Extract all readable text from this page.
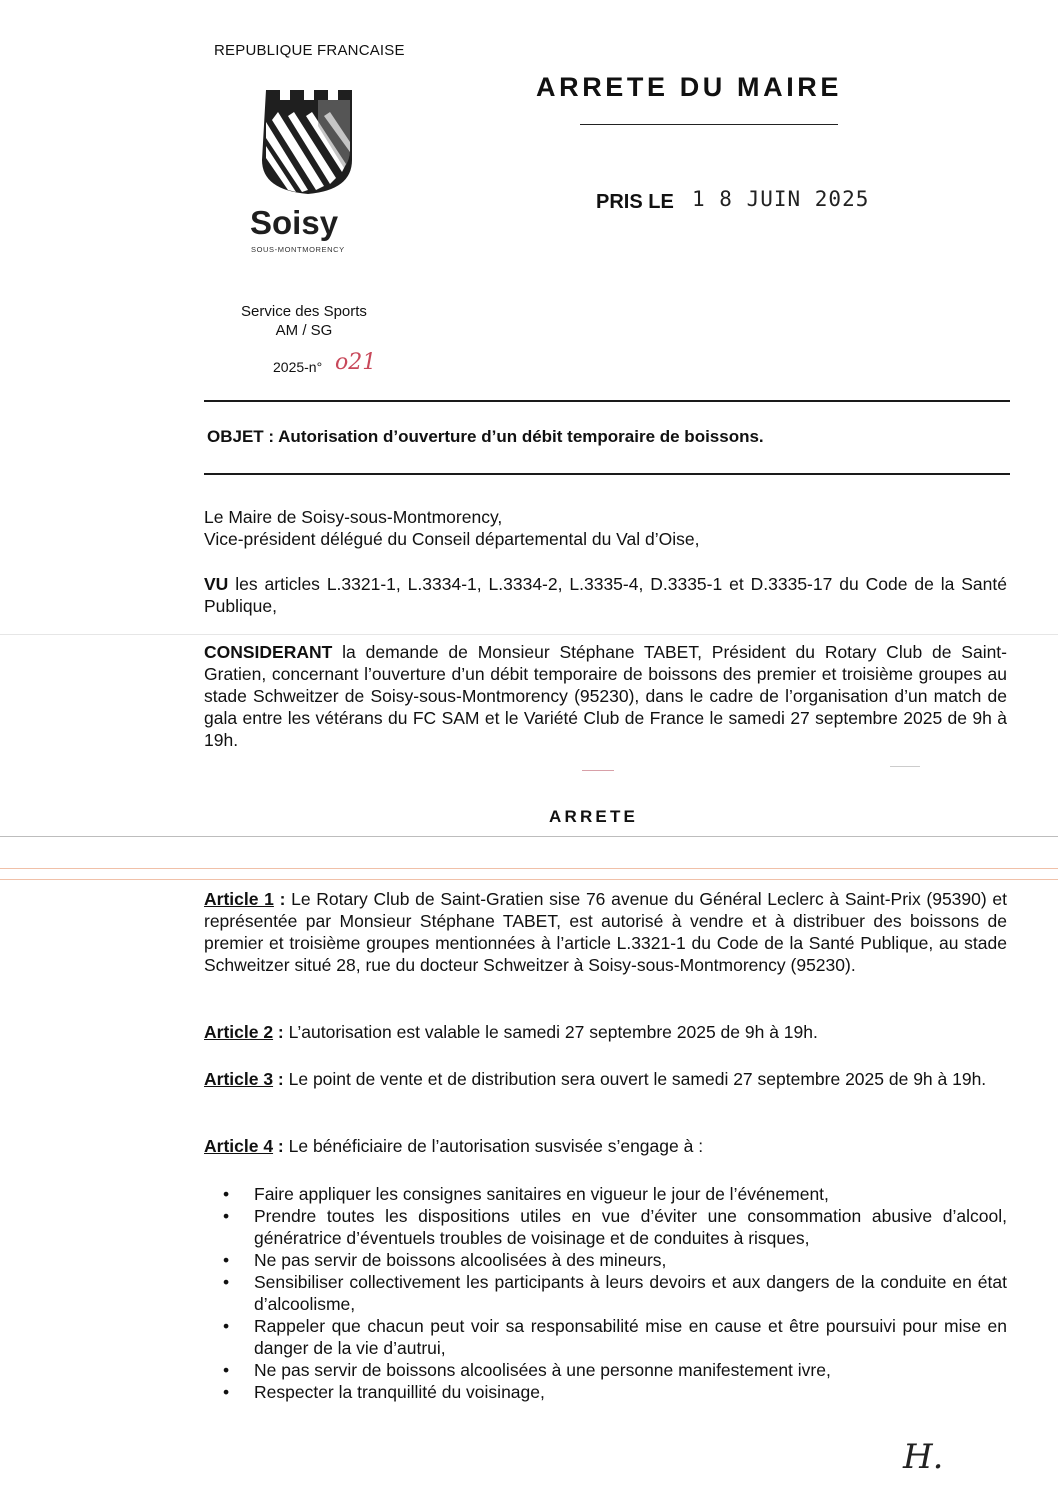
REPUBLIQUE FRANCAISE
Soisy
SOUS-MONTMORENCY
ARRETE DU MAIRE
PRIS LE 1 8 JUIN 2025
Service des Sports
AM / SG
2025-n° o21
OBJET : Autorisation d’ouverture d’un débit temporaire de boissons.
Le Maire de Soisy-sous-Montmorency,
Vice-président délégué du Conseil départemental du Val d’Oise,
VU les articles L.3321-1, L.3334-1, L.3334-2, L.3335-4, D.3335-1 et D.3335-17 du Code de la Santé Publique,
CONSIDERANT la demande de Monsieur Stéphane TABET, Président du Rotary Club de Saint-Gratien, concernant l’ouverture d’un débit temporaire de boissons des premier et troisième groupes au stade Schweitzer de Soisy-sous-Montmorency (95230), dans le cadre de l’organisation d’un match de gala entre les vétérans du FC SAM et le Variété Club de France le samedi 27 septembre 2025 de 9h à 19h.
ARRETE
Article 1 : Le Rotary Club de Saint-Gratien sise 76 avenue du Général Leclerc à Saint-Prix (95390) et représentée par Monsieur Stéphane TABET, est autorisé à vendre et à distribuer des boissons de premier et troisième groupes mentionnées à l’article L.3321-1 du Code de la Santé Publique, au stade Schweitzer situé 28, rue du docteur Schweitzer à Soisy-sous-Montmorency (95230).
Article 2 : L’autorisation est valable le samedi 27 septembre 2025 de 9h à 19h.
Article 3 : Le point de vente et de distribution sera ouvert le samedi 27 septembre 2025 de 9h à 19h.
Article 4 : Le bénéficiaire de l’autorisation susvisée s’engage à :
• Faire appliquer les consignes sanitaires en vigueur le jour de l’événement,
• Prendre toutes les dispositions utiles en vue d’éviter une consommation abusive d’alcool, génératrice d’éventuels troubles de voisinage et de conduites à risques,
• Ne pas servir de boissons alcoolisées à des mineurs,
• Sensibiliser collectivement les participants à leurs devoirs et aux dangers de la conduite en état d’alcoolisme,
• Rappeler que chacun peut voir sa responsabilité mise en cause et être poursuivi pour mise en danger de la vie d’autrui,
• Ne pas servir de boissons alcoolisées à une personne manifestement ivre,
• Respecter la tranquillité du voisinage,
H.
